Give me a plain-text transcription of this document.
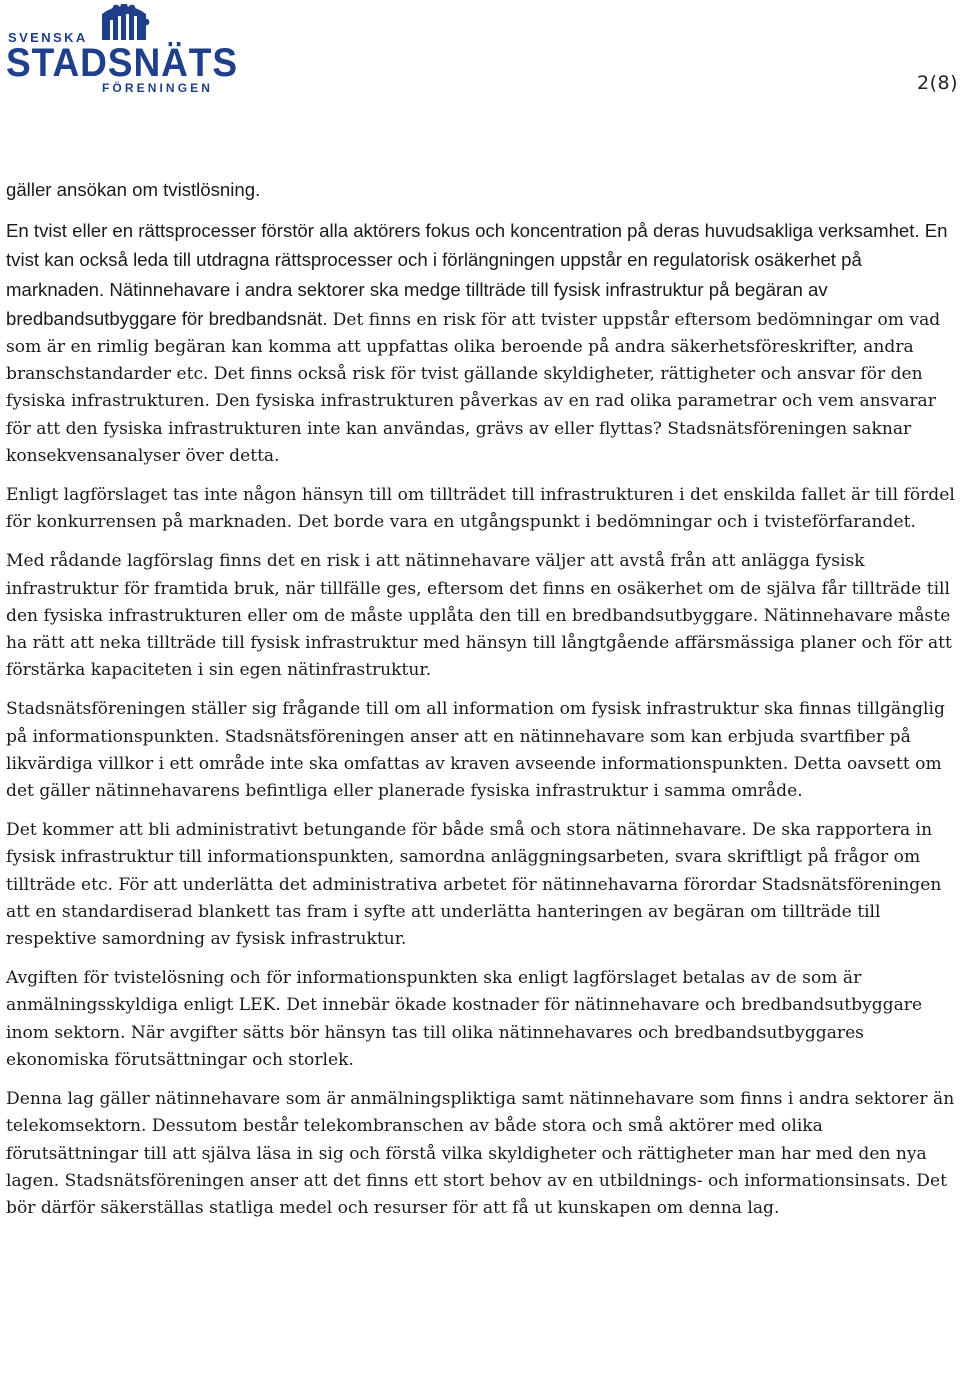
SVENSKA
STADSNÄTS
FÖRENINGEN	2(8)

gäller ansökan om tvistlösning.

En tvist eller en rättsprocesser förstör alla aktörers fokus och koncentration på deras huvudsakliga verksamhet. En tvist kan också leda till utdragna rättsprocesser och i förlängningen uppstår en regulatorisk osäkerhet på marknaden. Nätinnehavare i andra sektorer ska medge tillträde till fysisk infrastruktur på begäran av bredbandsutbyggare för bredbandsnät. Det finns en risk för att tvister uppstår eftersom bedömningar om vad som är en rimlig begäran kan komma att uppfattas olika beroende på andra säkerhetsföreskrifter, andra branschstandarder etc. Det finns också risk för tvist gällande skyldigheter, rättigheter och ansvar för den fysiska infrastrukturen. Den fysiska infrastrukturen påverkas av en rad olika parametrar och vem ansvarar för att den fysiska infrastrukturen inte kan användas, grävs av eller flyttas? Stadsnätsföreningen saknar konsekvensanalyser över detta.

Enligt lagförslaget tas inte någon hänsyn till om tillträdet till infrastrukturen i det enskilda fallet är till fördel för konkurrensen på marknaden. Det borde vara en utgångspunkt i bedömningar och i tvisteförfarandet.

Med rådande lagförslag finns det en risk i att nätinnehavare väljer att avstå från att anlägga fysisk infrastruktur för framtida bruk, när tillfälle ges, eftersom det finns en osäkerhet om de själva får tillträde till den fysiska infrastrukturen eller om de måste upplåta den till en bredbandsutbyggare. Nätinnehavare måste ha rätt att neka tillträde till fysisk infrastruktur med hänsyn till långtgående affärsmässiga planer och för att förstärka kapaciteten i sin egen nätinfrastruktur.

Stadsnätsföreningen ställer sig frågande till om all information om fysisk infrastruktur ska finnas tillgänglig på informationspunkten. Stadsnätsföreningen anser att en nätinnehavare som kan erbjuda svartfiber på likvärdiga villkor i ett område inte ska omfattas av kraven avseende informationspunkten. Detta oavsett om det gäller nätinnehavarens befintliga eller planerade fysiska infrastruktur i samma område.

Det kommer att bli administrativt betungande för både små och stora nätinnehavare. De ska rapportera in fysisk infrastruktur till informationspunkten, samordna anläggningsarbeten, svara skriftligt på frågor om tillträde etc. För att underlätta det administrativa arbetet för nätinnehavarna förordar Stadsnätsföreningen att en standardiserad blankett tas fram i syfte att underlätta hanteringen av begäran om tillträde till respektive samordning av fysisk infrastruktur.

Avgiften för tvistelösning och för informationspunkten ska enligt lagförslaget betalas av de som är anmälningsskyldiga enligt LEK. Det innebär ökade kostnader för nätinnehavare och bredbandsutbyggare inom sektorn. När avgifter sätts bör hänsyn tas till olika nätinnehavares och bredbandsutbyggares ekonomiska förutsättningar och storlek.

Denna lag gäller nätinnehavare som är anmälningspliktiga samt nätinnehavare som finns i andra sektorer än telekomsektorn. Dessutom består telekombranschen av både stora och små aktörer med olika förutsättningar till att själva läsa in sig och förstå vilka skyldigheter och rättigheter man har med den nya lagen. Stadsnätsföreningen anser att det finns ett stort behov av en utbildnings- och informationsinsats. Det bör därför säkerställas statliga medel och resurser för att få ut kunskapen om denna lag.
